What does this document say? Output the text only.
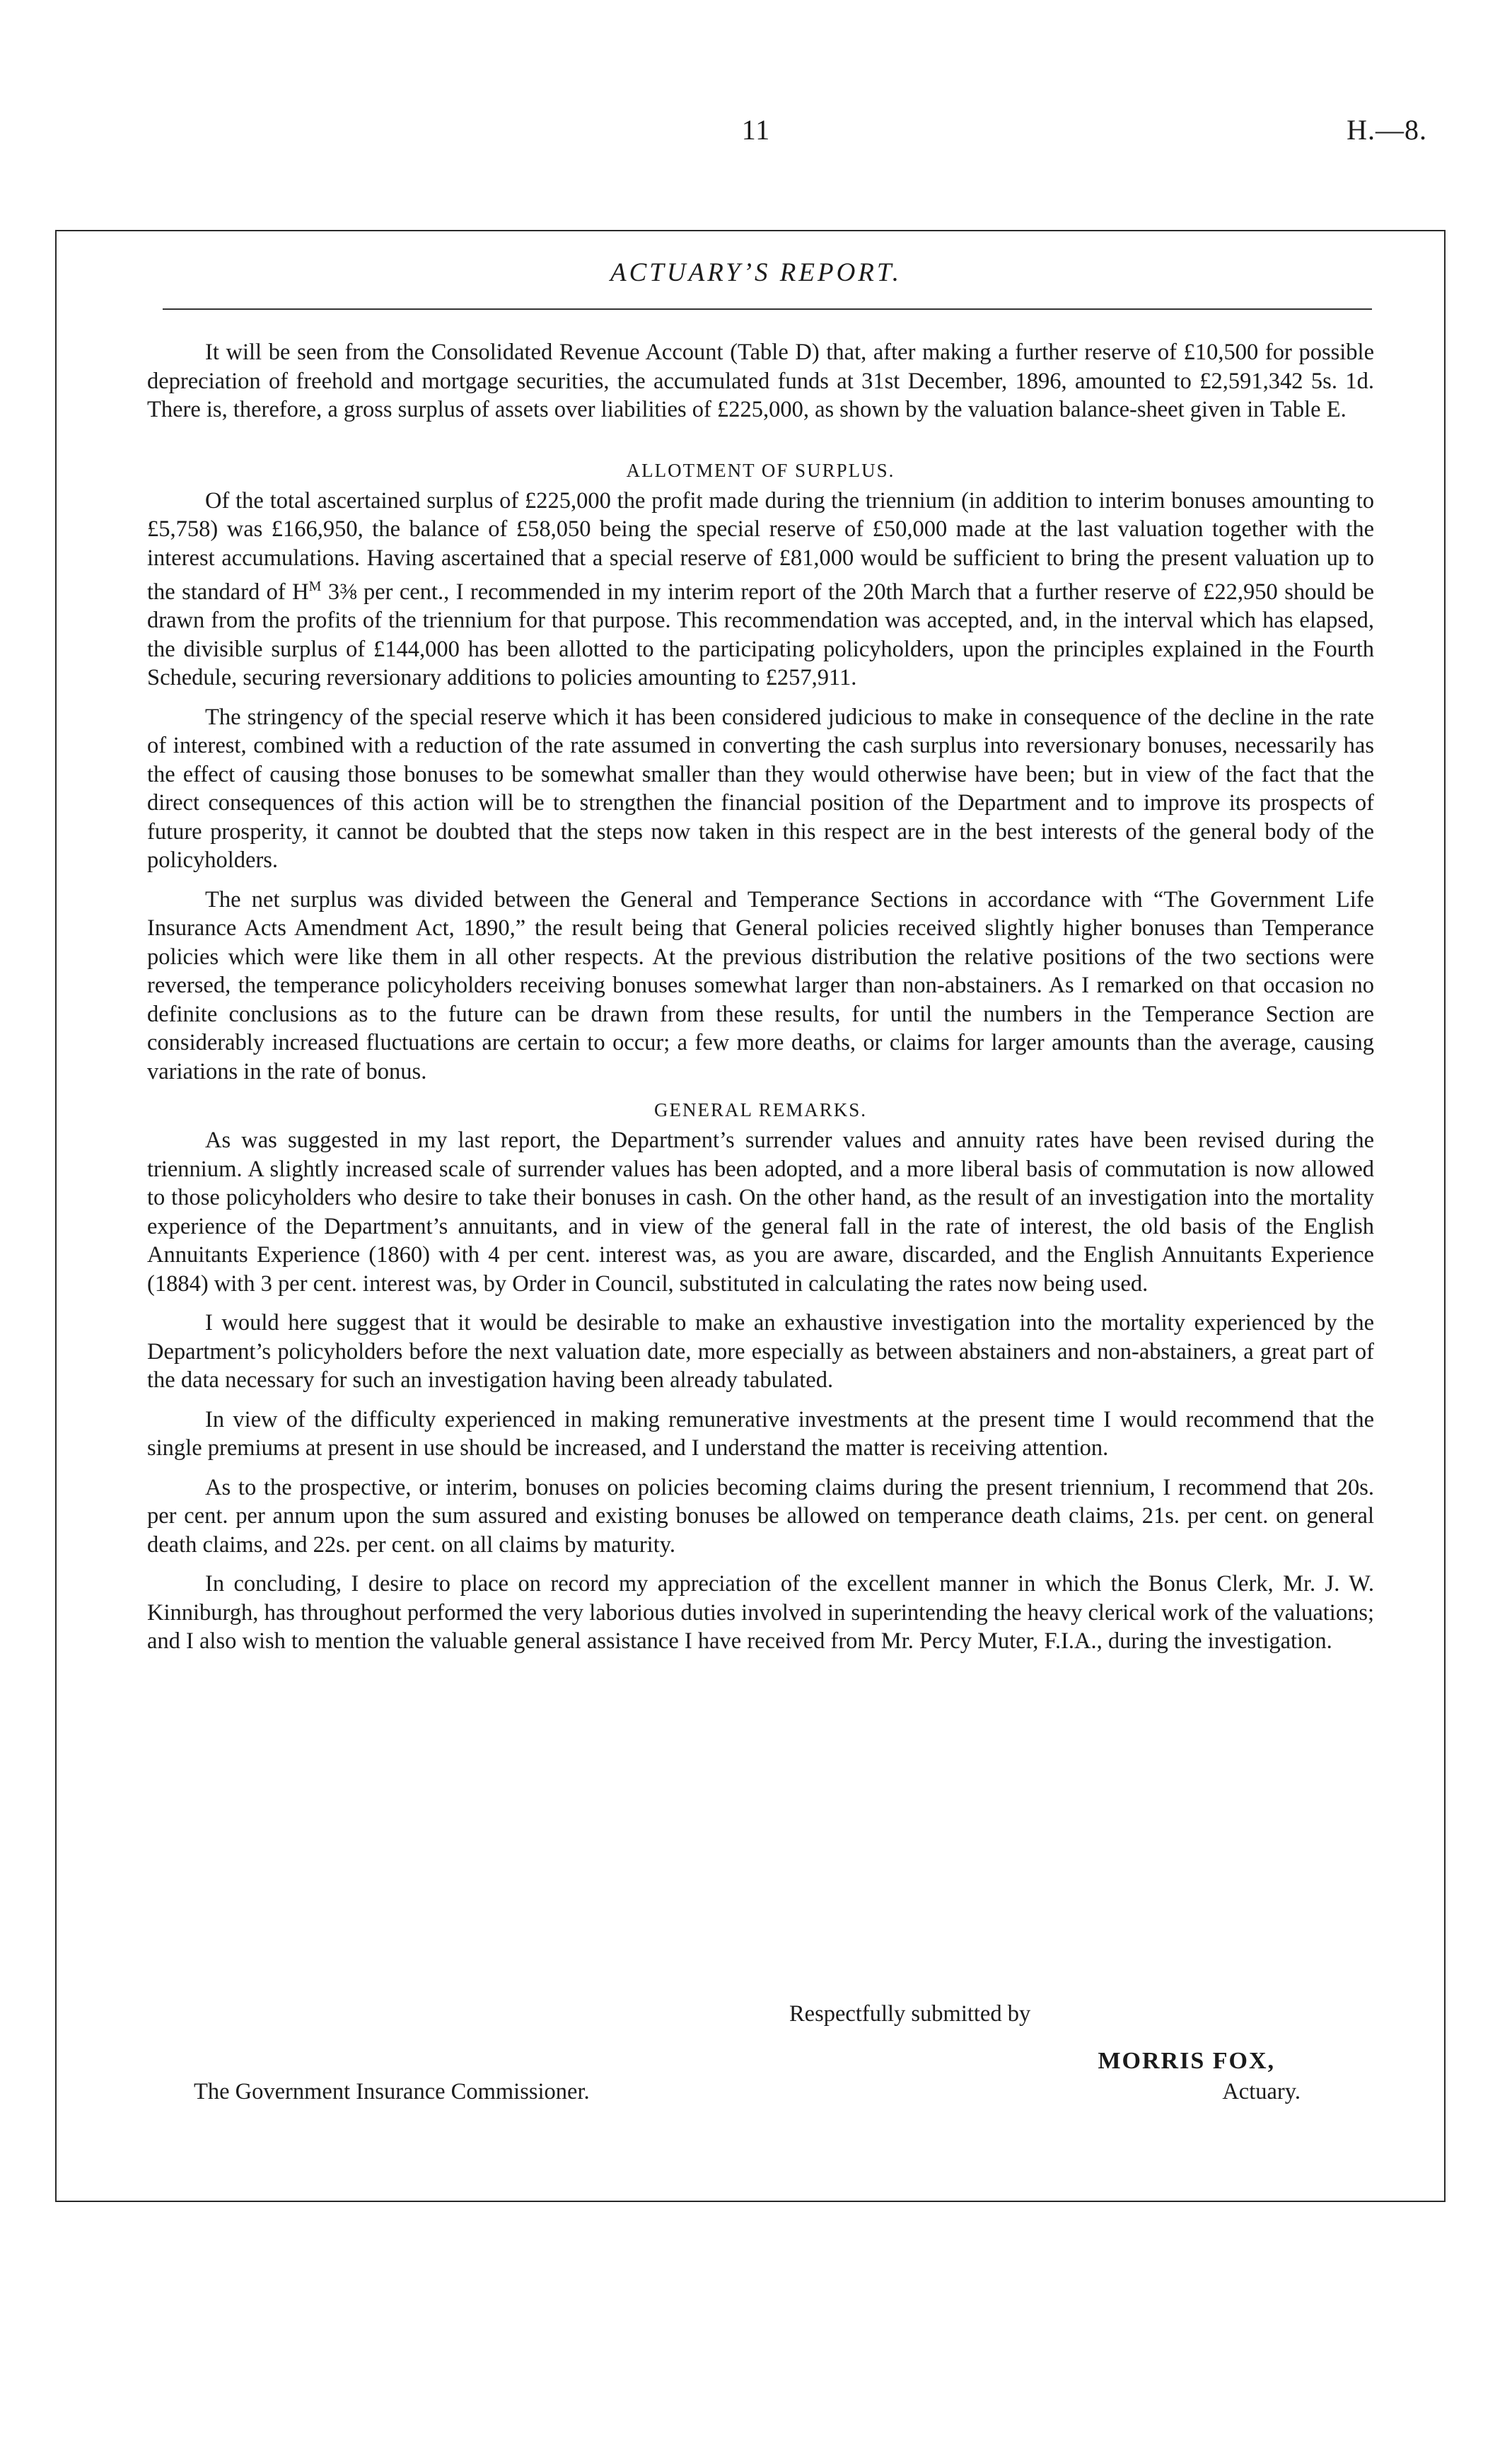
11	H.—8.
ACTUARY’S REPORT.

It will be seen from the Consolidated Revenue Account (Table D) that, after making a further reserve of £10,500 for possible depreciation of freehold and mortgage securities, the accumulated funds at 31st December, 1896, amounted to £2,591,342 5s. 1d. There is, therefore, a gross surplus of assets over liabilities of £225,000, as shown by the valuation balance-sheet given in Table E.

ALLOTMENT OF SURPLUS.

Of the total ascertained surplus of £225,000 the profit made during the triennium (in addition to interim bonuses amounting to £5,758) was £166,950, the balance of £58,050 being the special reserve of £50,000 made at the last valuation together with the interest accumulations. Having ascertained that a special reserve of £81,000 would be sufficient to bring the present valuation up to the standard of $H^M$ 3⅜ per cent., I recommended in my interim report of the 20th March that a further reserve of £22,950 should be drawn from the profits of the triennium for that purpose. This recommendation was accepted, and, in the interval which has elapsed, the divisible surplus of £144,000 has been allotted to the participating policyholders, upon the principles explained in the Fourth Schedule, securing reversionary additions to policies amounting to £257,911.

The stringency of the special reserve which it has been considered judicious to make in consequence of the decline in the rate of interest, combined with a reduction of the rate assumed in converting the cash surplus into reversionary bonuses, necessarily has the effect of causing those bonuses to be somewhat smaller than they would otherwise have been; but in view of the fact that the direct consequences of this action will be to strengthen the financial position of the Department and to improve its prospects of future prosperity, it cannot be doubted that the steps now taken in this respect are in the best interests of the general body of the policyholders.

The net surplus was divided between the General and Temperance Sections in accordance with “The Government Life Insurance Acts Amendment Act, 1890,” the result being that General policies received slightly higher bonuses than Temperance policies which were like them in all other respects. At the previous distribution the relative positions of the two sections were reversed, the temperance policyholders receiving bonuses somewhat larger than non-abstainers. As I remarked on that occasion no definite conclusions as to the future can be drawn from these results, for until the numbers in the Temperance Section are considerably increased fluctuations are certain to occur; a few more deaths, or claims for larger amounts than the average, causing variations in the rate of bonus.

GENERAL REMARKS.

As was suggested in my last report, the Department’s surrender values and annuity rates have been revised during the triennium. A slightly increased scale of surrender values has been adopted, and a more liberal basis of commutation is now allowed to those policyholders who desire to take their bonuses in cash. On the other hand, as the result of an investigation into the mortality experience of the Department’s annuitants, and in view of the general fall in the rate of interest, the old basis of the English Annuitants Experience (1860) with 4 per cent. interest was, as you are aware, discarded, and the English Annuitants Experience (1884) with 3 per cent. interest was, by Order in Council, substituted in calculating the rates now being used.

I would here suggest that it would be desirable to make an exhaustive investigation into the mortality experienced by the Department’s policyholders before the next valuation date, more especially as between abstainers and non-abstainers, a great part of the data necessary for such an investigation having been already tabulated.

In view of the difficulty experienced in making remunerative investments at the present time I would recommend that the single premiums at present in use should be increased, and I understand the matter is receiving attention.

As to the prospective, or interim, bonuses on policies becoming claims during the present triennium, I recommend that 20s. per cent. per annum upon the sum assured and existing bonuses be allowed on temperance death claims, 21s. per cent. on general death claims, and 22s. per cent. on all claims by maturity.

In concluding, I desire to place on record my appreciation of the excellent manner in which the Bonus Clerk, Mr. J. W. Kinniburgh, has throughout performed the very laborious duties involved in superintending the heavy clerical work of the valuations; and I also wish to mention the valuable general assistance I have received from Mr. Percy Muter, F.I.A., during the investigation.

Respectfully submitted by
MORRIS FOX,
The Government Insurance Commissioner.	Actuary.
